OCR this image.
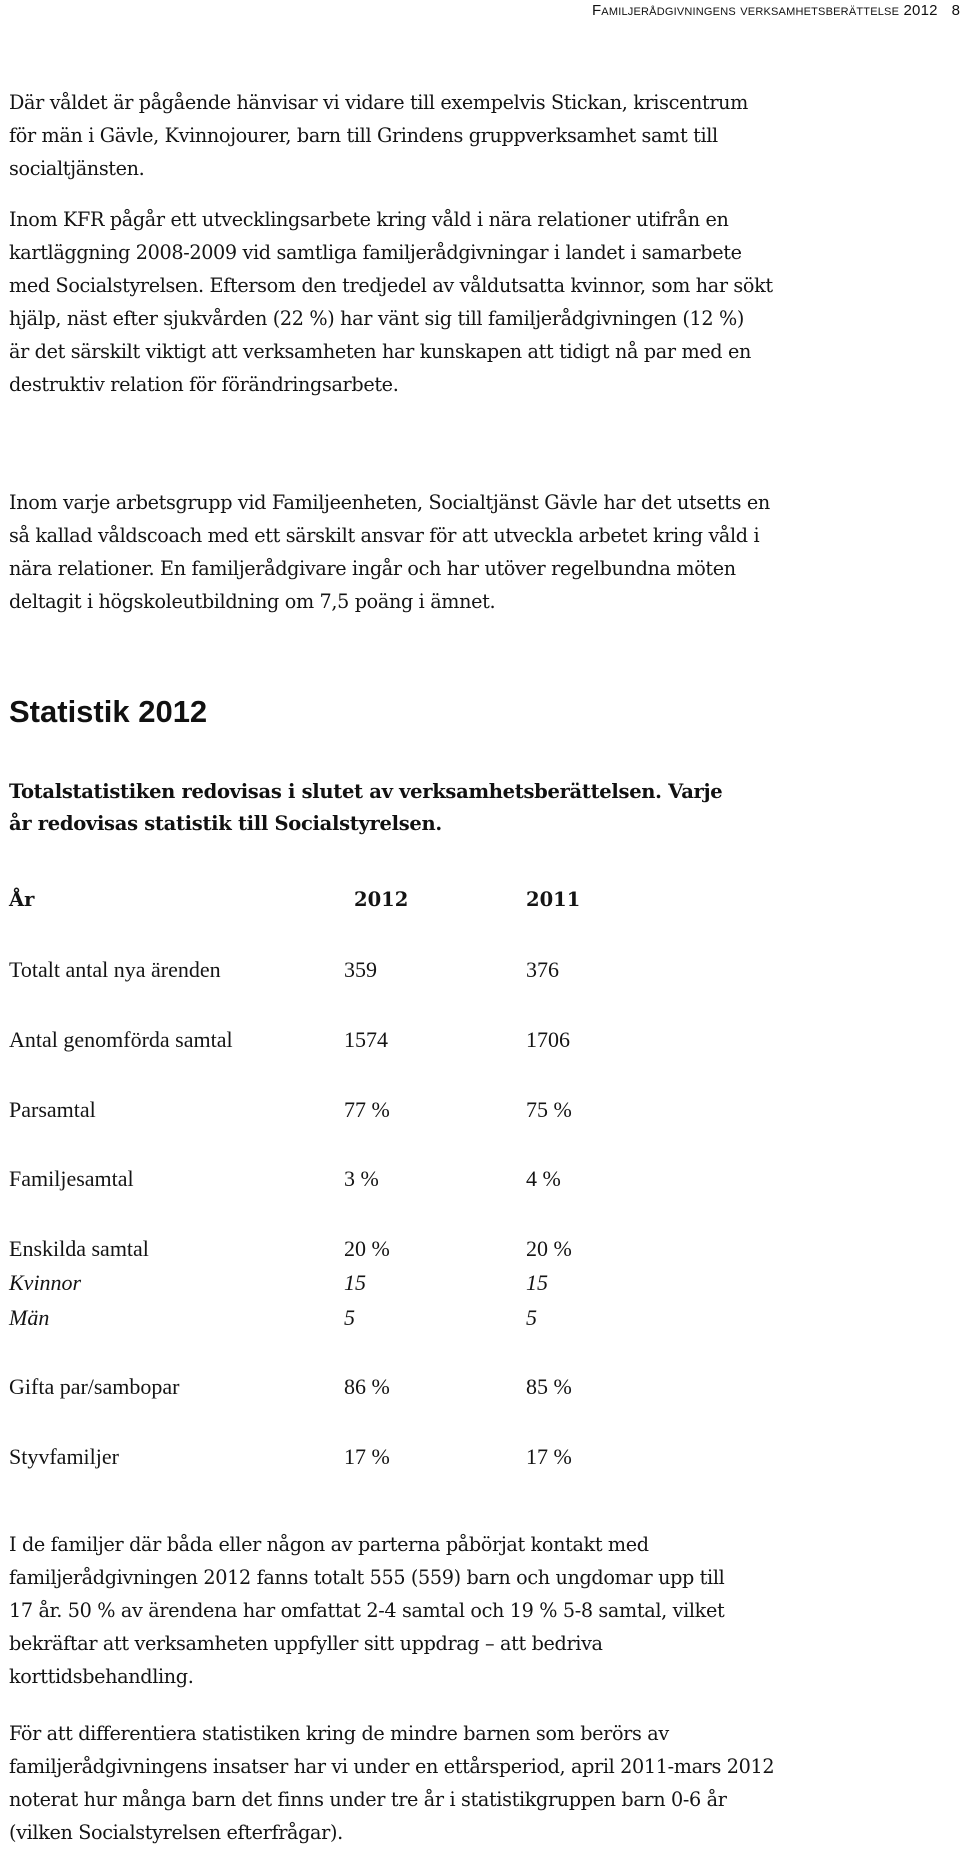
Familjerådgivningens verksamhetsberättelse 2012 8

Där våldet är pågående hänvisar vi vidare till exempelvis Stickan, kriscentrum
för män i Gävle, Kvinnojourer, barn till Grindens gruppverksamhet samt till
socialtjänsten.

Inom KFR pågår ett utvecklingsarbete kring våld i nära relationer utifrån en
kartläggning 2008-2009 vid samtliga familjerådgivningar i landet i samarbete
med Socialstyrelsen. Eftersom den tredjedel av våldutsatta kvinnor, som har sökt
hjälp, näst efter sjukvården (22 %) har vänt sig till familjerådgivningen (12 %)
är det särskilt viktigt att verksamheten har kunskapen att tidigt nå par med en
destruktiv relation för förändringsarbete.

Inom varje arbetsgrupp vid Familjeenheten, Socialtjänst Gävle har det utsetts en
så kallad våldscoach med ett särskilt ansvar för att utveckla arbetet kring våld i
nära relationer. En familjerådgivare ingår och har utöver regelbundna möten
deltagit i högskoleutbildning om 7,5 poäng i ämnet.

Statistik 2012

Totalstatistiken redovisas i slutet av verksamhetsberättelsen. Varje
år redovisas statistik till Socialstyrelsen.

År	2012	2011
Totalt antal nya ärenden	359	376
Antal genomförda samtal	1574	1706
Parsamtal	77 %	75 %
Familjesamtal	3 %	4 %
Enskilda samtal	20 %	20 %
Kvinnor	15	15
Män	5	5
Gifta par/sambopar	86 %	85 %
Styvfamiljer	17 %	17 %

I de familjer där båda eller någon av parterna påbörjat kontakt med
familjerådgivningen 2012 fanns totalt 555 (559) barn och ungdomar upp till
17 år. 50 % av ärendena har omfattat 2-4 samtal och 19 % 5-8 samtal, vilket
bekräftar att verksamheten uppfyller sitt uppdrag – att bedriva
korttidsbehandling.

För att differentiera statistiken kring de mindre barnen som berörs av
familjerådgivningens insatser har vi under en ettårsperiod, april 2011-mars 2012
noterat hur många barn det finns under tre år i statistikgruppen barn 0-6 år
(vilken Socialstyrelsen efterfrågar).
